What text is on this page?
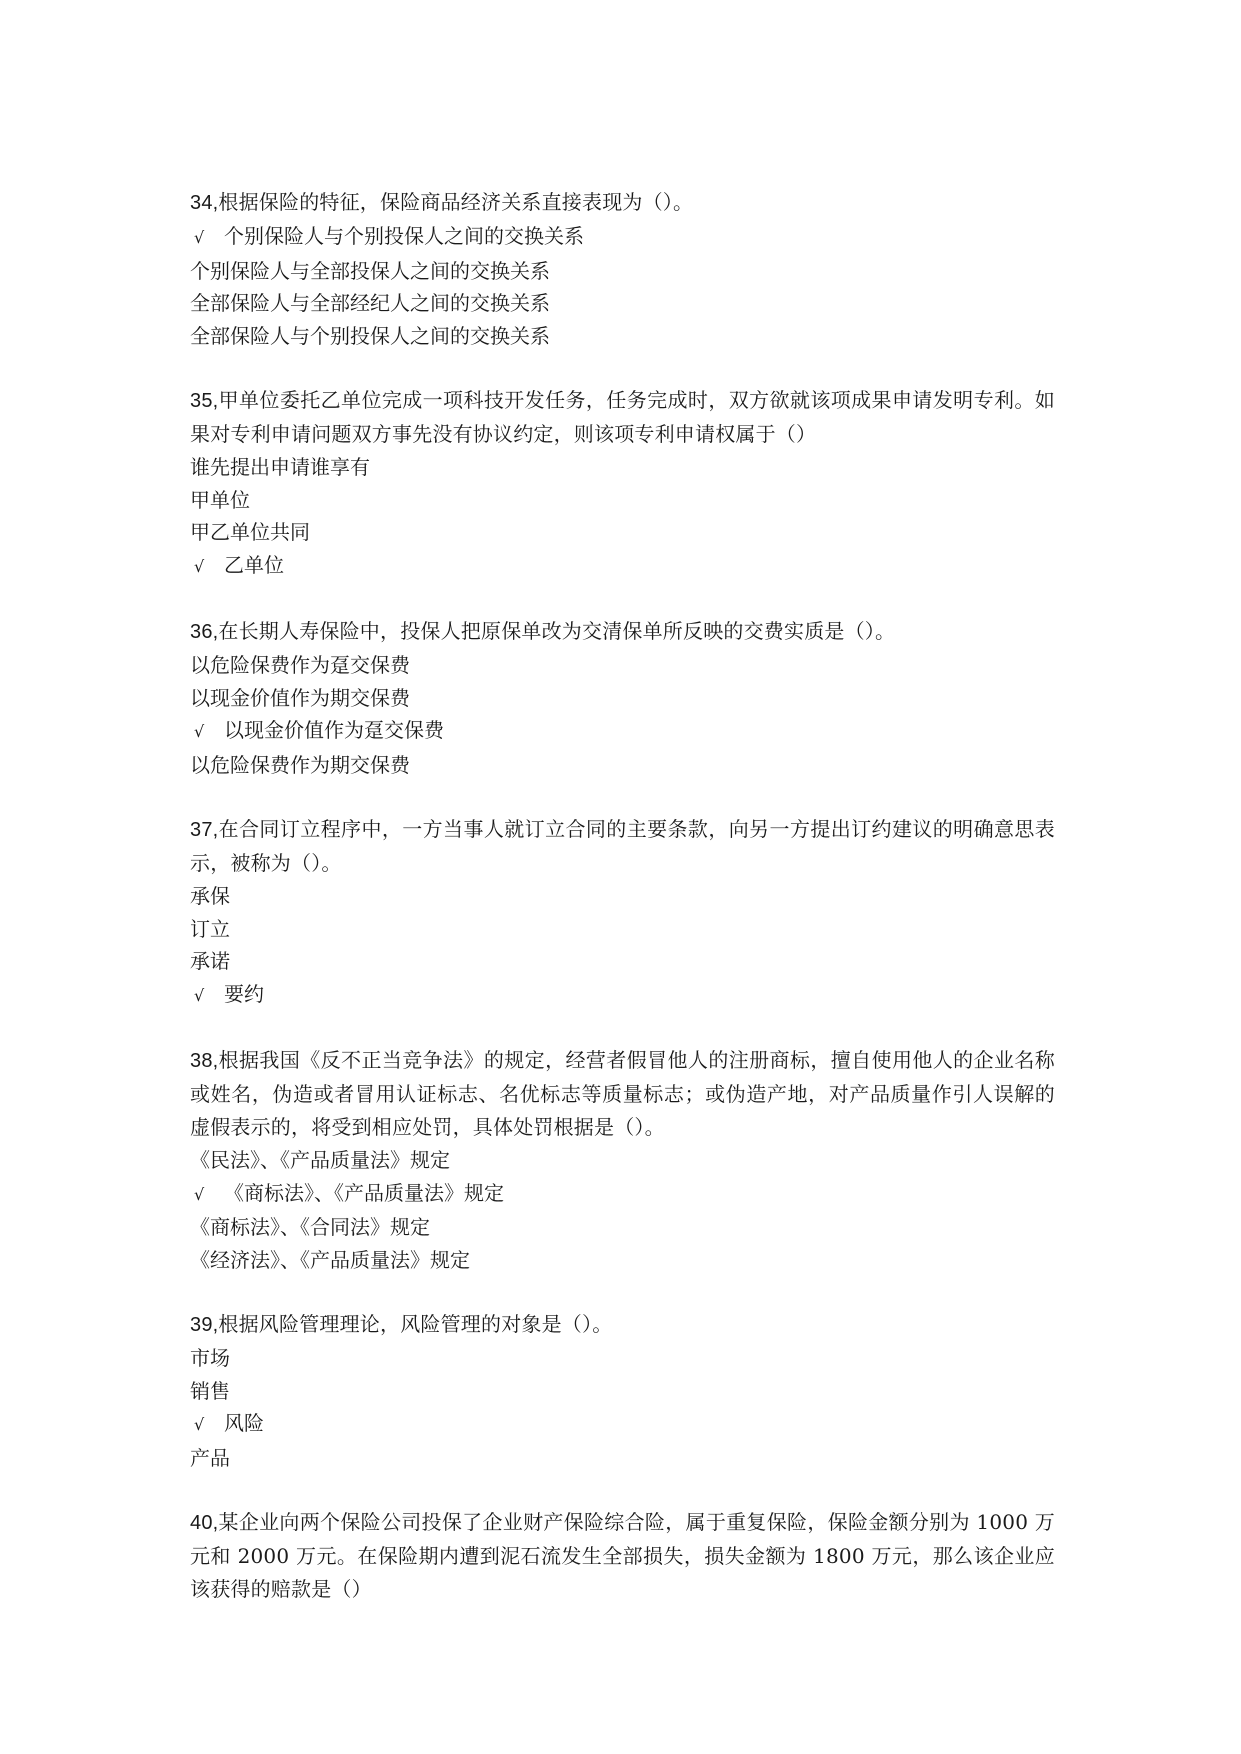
34,根据保险的特征，保险商品经济关系直接表现为（）。

√ 个别保险人与个别投保人之间的交换关系
个别保险人与全部投保人之间的交换关系
全部保险人与全部经纪人之间的交换关系
全部保险人与个别投保人之间的交换关系

35,甲单位委托乙单位完成一项科技开发任务，任务完成时，双方欲就该项成果申请发明专利。如果对专利申请问题双方事先没有协议约定，则该项专利申请权属于（）

谁先提出申请谁享有
甲单位
甲乙单位共同
√ 乙单位

36,在长期人寿保险中，投保人把原保单改为交清保单所反映的交费实质是（）。

以危险保费作为趸交保费
以现金价值作为期交保费
√ 以现金价值作为趸交保费
以危险保费作为期交保费

37,在合同订立程序中，一方当事人就订立合同的主要条款，向另一方提出订约建议的明确意思表示，被称为（）。

承保
订立
承诺
√ 要约

38,根据我国《反不正当竞争法》的规定，经营者假冒他人的注册商标，擅自使用他人的企业名称或姓名，伪造或者冒用认证标志、名优标志等质量标志；或伪造产地，对产品质量作引人误解的虚假表示的，将受到相应处罚，具体处罚根据是（）。

《民法》、《产品质量法》规定
√ 《商标法》、《产品质量法》规定
《商标法》、《合同法》规定
《经济法》、《产品质量法》规定

39,根据风险管理理论，风险管理的对象是（）。

市场
销售
√ 风险
产品

40,某企业向两个保险公司投保了企业财产保险综合险，属于重复保险，保险金额分别为 1000 万元和 2000 万元。在保险期内遭到泥石流发生全部损失，损失金额为 1800 万元，那么该企业应该获得的赔款是（）
